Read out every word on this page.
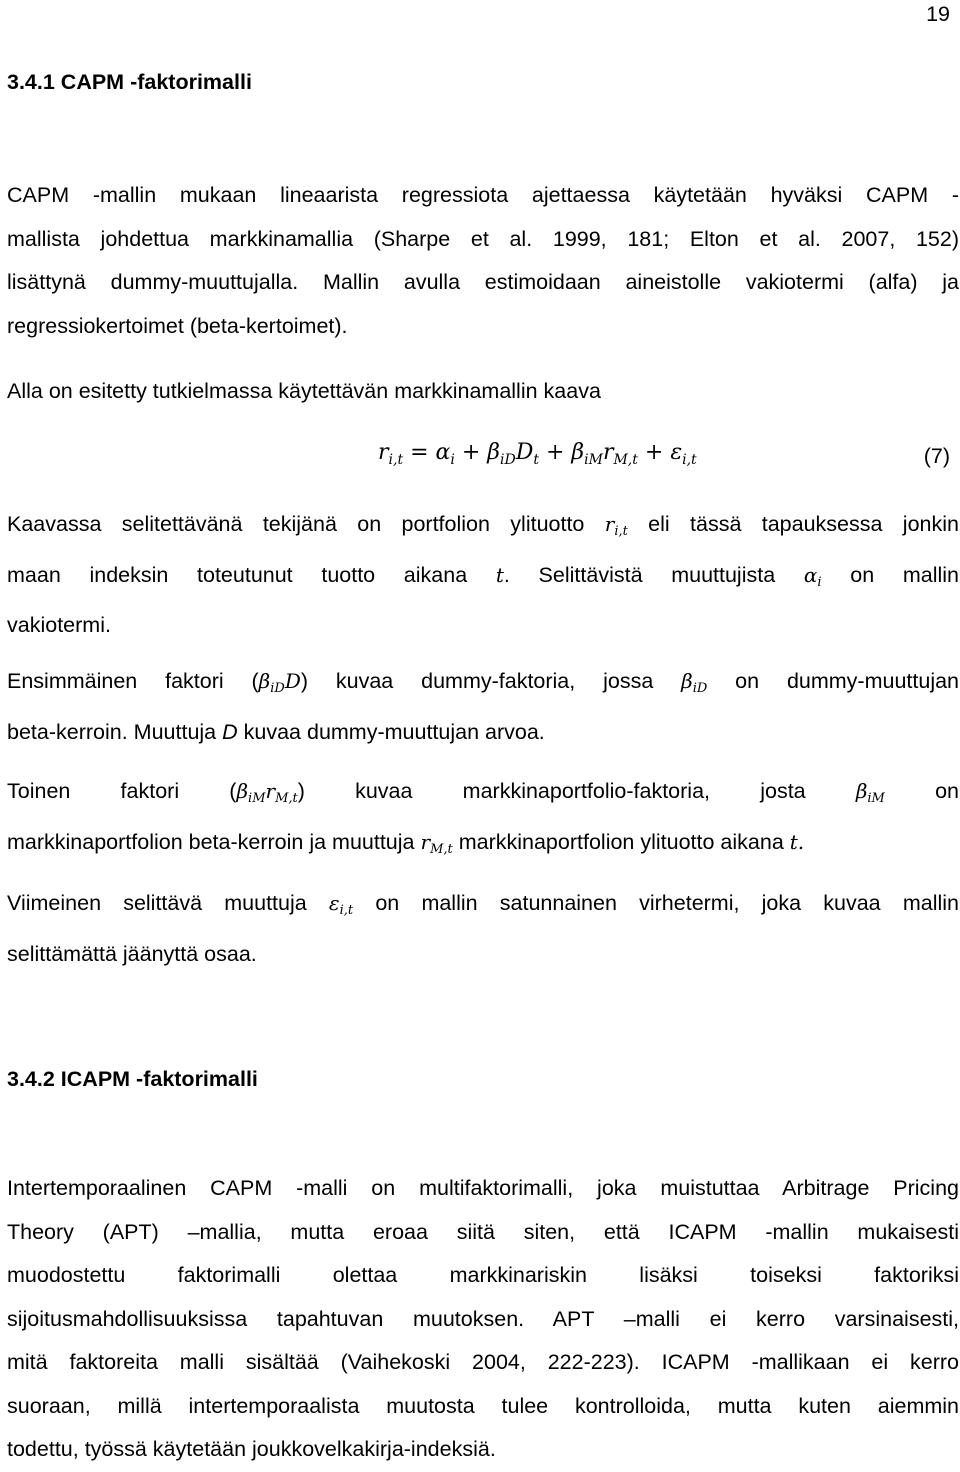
19
3.4.1 CAPM -faktorimalli
CAPM -mallin mukaan lineaarista regressiota ajettaessa käytetään hyväksi CAPM -
mallista johdettua markkinamallia (Sharpe et al. 1999, 181; Elton et al. 2007, 152)
lisättynä dummy-muuttujalla. Mallin avulla estimoidaan aineistolle vakiotermi (alfa) ja
regressiokertoimet (beta-kertoimet).
Alla on esitetty tutkielmassa käytettävän markkinamallin kaava
$r_{i,t} = \alpha_i + \beta_{iD}D_t + \beta_{iM}r_{M,t} + \varepsilon_{i,t}$	(7)
Kaavassa selitettävänä tekijänä on portfolion ylituotto $r_{i,t}$ eli tässä tapauksessa jonkin
maan indeksin toteutunut tuotto aikana t. Selittävistä muuttujista $\alpha_i$ on mallin
vakiotermi.
Ensimmäinen faktori $(\beta_{iD}D)$ kuvaa dummy-faktoria, jossa $\beta_{iD}$ on dummy-muuttujan
beta-kerroin. Muuttuja D kuvaa dummy-muuttujan arvoa.
Toinen faktori $(\beta_{iM}r_{M,t})$ kuvaa markkinaportfolio-faktoria, josta	$\beta_{iM}$ on
markkinaportfolion beta-kerroin ja muuttuja $r_{M,t}$ markkinaportfolion ylituotto aikana t.
Viimeinen selittävä muuttuja $\varepsilon_{i,t}$ on mallin satunnainen virhetermi, joka kuvaa mallin
selittämättä jäänyttä osaa.
3.4.2 ICAPM -faktorimalli
Intertemporaalinen CAPM -malli on multifaktorimalli, joka muistuttaa Arbitrage Pricing
Theory (APT) –mallia, mutta eroaa siitä siten, että ICAPM -mallin mukaisesti
muodostettu faktorimalli olettaa markkinariskin lisäksi toiseksi faktoriksi
sijoitusmahdollisuuksissa tapahtuvan muutoksen. APT –malli ei kerro varsinaisesti,
mitä faktoreita malli sisältää (Vaihekoski 2004, 222-223). ICAPM -mallikaan ei kerro
suoraan, millä intertemporaalista muutosta tulee kontrolloida, mutta kuten aiemmin
todettu, työssä käytetään joukkovelkakirja-indeksiä.
